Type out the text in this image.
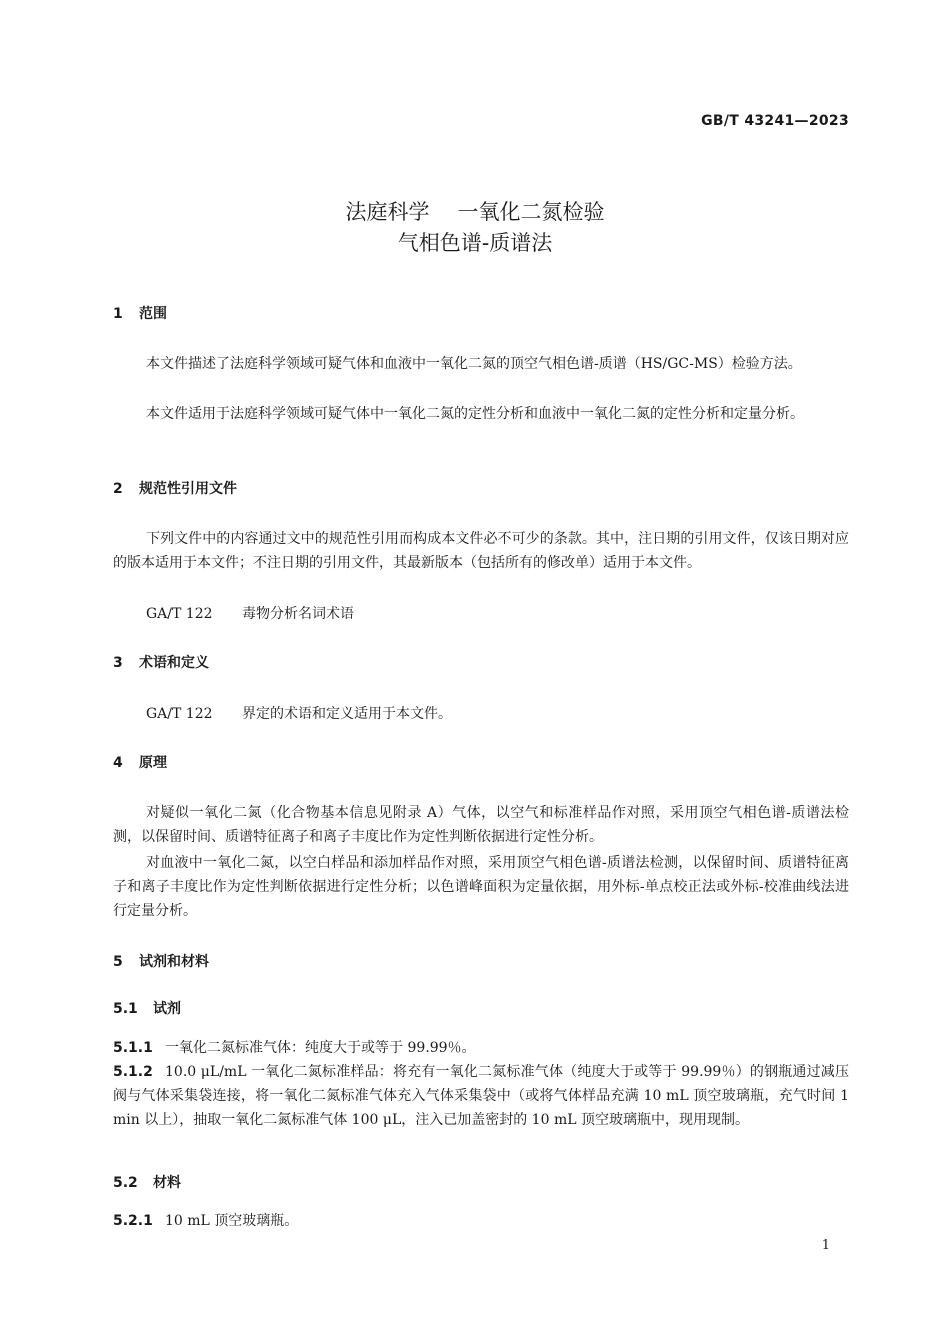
GB/T 43241—2023
法庭科学 一氧化二氮检验
气相色谱-质谱法
1 范围
本文件描述了法庭科学领域可疑气体和血液中一氧化二氮的顶空气相色谱-质谱（HS/GC-MS）检验方法。
本文件适用于法庭科学领域可疑气体中一氧化二氮的定性分析和血液中一氧化二氮的定性分析和定量分析。
2 规范性引用文件
下列文件中的内容通过文中的规范性引用而构成本文件必不可少的条款。其中，注日期的引用文件，仅该日期对应的版本适用于本文件；不注日期的引用文件，其最新版本（包括所有的修改单）适用于本文件。
GA/T 122 毒物分析名词术语
3 术语和定义
GA/T 122 界定的术语和定义适用于本文件。
4 原理
对疑似一氧化二氮（化合物基本信息见附录 A）气体，以空气和标准样品作对照，采用顶空气相色谱-质谱法检测，以保留时间、质谱特征离子和离子丰度比作为定性判断依据进行定性分析。
对血液中一氧化二氮，以空白样品和添加样品作对照，采用顶空气相色谱-质谱法检测，以保留时间、质谱特征离子和离子丰度比作为定性判断依据进行定性分析；以色谱峰面积为定量依据，用外标-单点校正法或外标-校准曲线法进行定量分析。
5 试剂和材料
5.1 试剂
5.1.1 一氧化二氮标准气体：纯度大于或等于 99.99％。
5.1.2 10.0 μL/mL 一氧化二氮标准样品：将充有一氧化二氮标准气体（纯度大于或等于 99.99％）的钢瓶通过减压阀与气体采集袋连接，将一氧化二氮标准气体充入气体采集袋中（或将气体样品充满 10 mL 顶空玻璃瓶，充气时间 1 min 以上），抽取一氧化二氮标准气体 100 μL，注入已加盖密封的 10 mL 顶空玻璃瓶中，现用现制。
5.2 材料
5.2.1 10 mL 顶空玻璃瓶。
1
